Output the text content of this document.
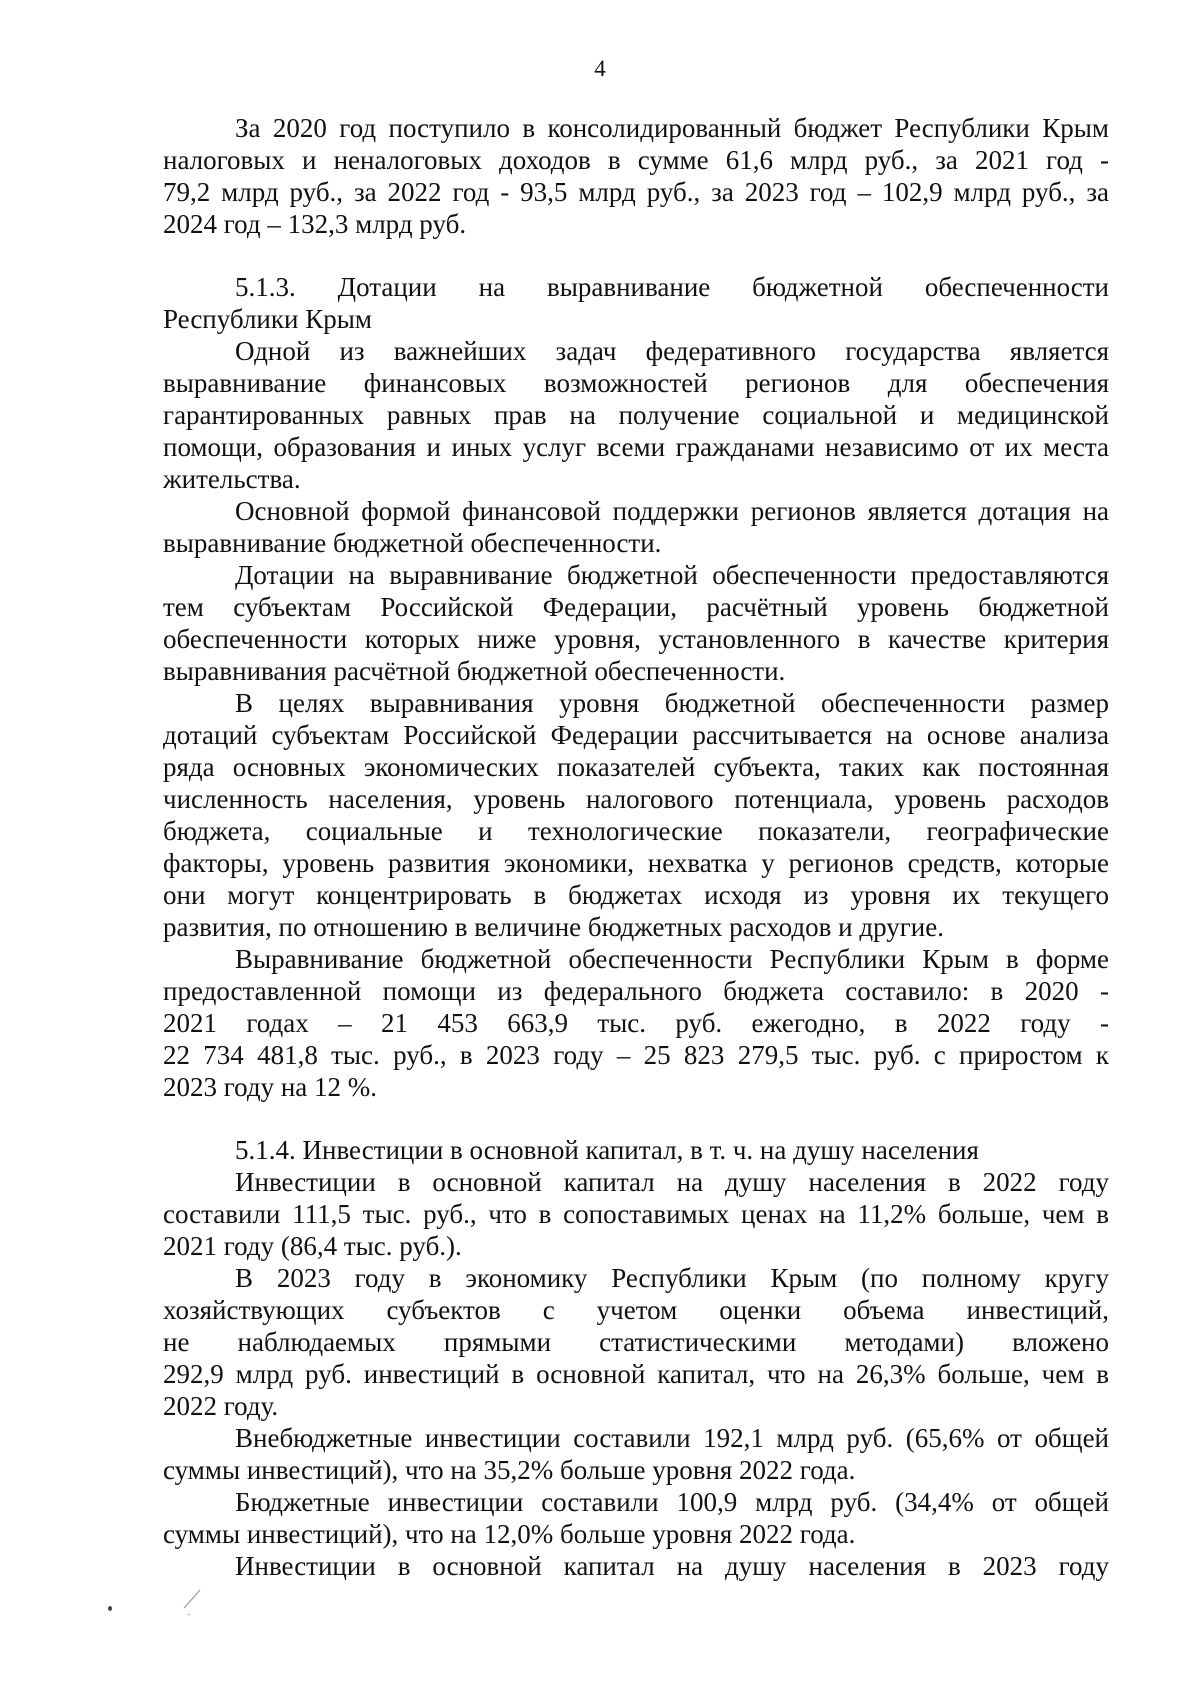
4

За 2020 год поступило в консолидированный бюджет Республики Крым
налоговых и неналоговых доходов в сумме 61,6 млрд руб., за 2021 год -
79,2 млрд руб., за 2022 год - 93,5 млрд руб., за 2023 год – 102,9 млрд руб., за
2024 год – 132,3 млрд руб.

5.1.3. Дотации на выравнивание бюджетной обеспеченности
Республики Крым

Одной из важнейших задач федеративного государства является
выравнивание финансовых возможностей регионов для обеспечения
гарантированных равных прав на получение социальной и медицинской
помощи, образования и иных услуг всеми гражданами независимо от их места
жительства.

Основной формой финансовой поддержки регионов является дотация на
выравнивание бюджетной обеспеченности.

Дотации на выравнивание бюджетной обеспеченности предоставляются
тем субъектам Российской Федерации, расчётный уровень бюджетной
обеспеченности которых ниже уровня, установленного в качестве критерия
выравнивания расчётной бюджетной обеспеченности.

В целях выравнивания уровня бюджетной обеспеченности размер
дотаций субъектам Российской Федерации рассчитывается на основе анализа
ряда основных экономических показателей субъекта, таких как постоянная
численность населения, уровень налогового потенциала, уровень расходов
бюджета, социальные и технологические показатели, географические
факторы, уровень развития экономики, нехватка у регионов средств, которые
они могут концентрировать в бюджетах исходя из уровня их текущего
развития, по отношению в величине бюджетных расходов и другие.

Выравнивание бюджетной обеспеченности Республики Крым в форме
предоставленной помощи из федерального бюджета составило: в 2020 -
2021 годах – 21 453 663,9 тыс. руб. ежегодно, в 2022 году -
22 734 481,8 тыс. руб., в 2023 году – 25 823 279,5 тыс. руб. с приростом к
2023 году на 12 %.

5.1.4. Инвестиции в основной капитал, в т. ч. на душу населения

Инвестиции в основной капитал на душу населения в 2022 году
составили 111,5 тыс. руб., что в сопоставимых ценах на 11,2% больше, чем в
2021 году (86,4 тыс. руб.).

В 2023 году в экономику Республики Крым (по полному кругу
хозяйствующих субъектов с учетом оценки объема инвестиций,
не наблюдаемых прямыми статистическими методами) вложено
292,9 млрд руб. инвестиций в основной капитал, что на 26,3% больше, чем в
2022 году.

Внебюджетные инвестиции составили 192,1 млрд руб. (65,6% от общей
суммы инвестиций), что на 35,2% больше уровня 2022 года.

Бюджетные инвестиции составили 100,9 млрд руб. (34,4% от общей
суммы инвестиций), что на 12,0% больше уровня 2022 года.

Инвестиции в основной капитал на душу населения в 2023 году
